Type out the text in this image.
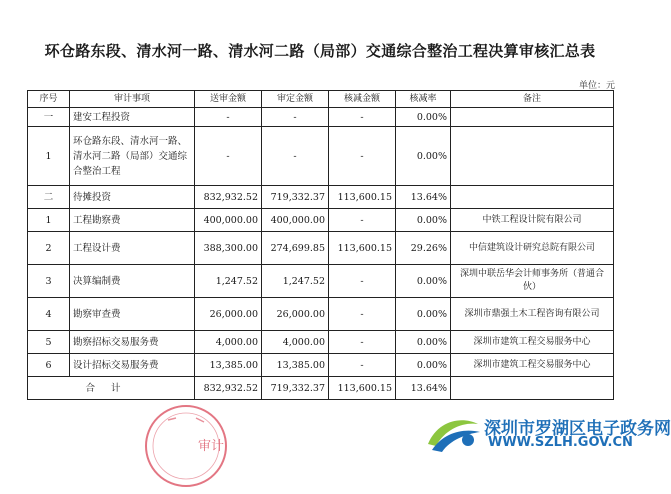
环仓路东段、清水河一路、清水河二路（局部）交通综合整治工程决算审核汇总表
单位：元
序号	审计事项	送审金额	审定金额	核减金额	核减率	备注
一	建安工程投资	-	-	-	0.00%	
1	环仓路东段、清水河一路、清水河二路（局部）交通综合整治工程	-	-	-	0.00%	
二	待摊投资	832,932.52	719,332.37	113,600.15	13.64%	
1	工程勘察费	400,000.00	400,000.00	-	0.00%	中铁工程设计院有限公司
2	工程设计费	388,300.00	274,699.85	113,600.15	29.26%	中信建筑设计研究总院有限公司
3	决算编制费	1,247.52	1,247.52	-	0.00%	深圳中联岳华会计师事务所（普通合伙）
4	勘察审查费	26,000.00	26,000.00	-	0.00%	深圳市鼎强土木工程咨询有限公司
5	勘察招标交易服务费	4,000.00	4,000.00	-	0.00%	深圳市建筑工程交易服务中心
6	设计招标交易服务费	13,385.00	13,385.00	-	0.00%	深圳市建筑工程交易服务中心
合计		832,932.52	719,332.37	113,600.15	13.64%	
审计
深圳市罗湖区电子政务网
WWW.SZLH.GOV.CN
